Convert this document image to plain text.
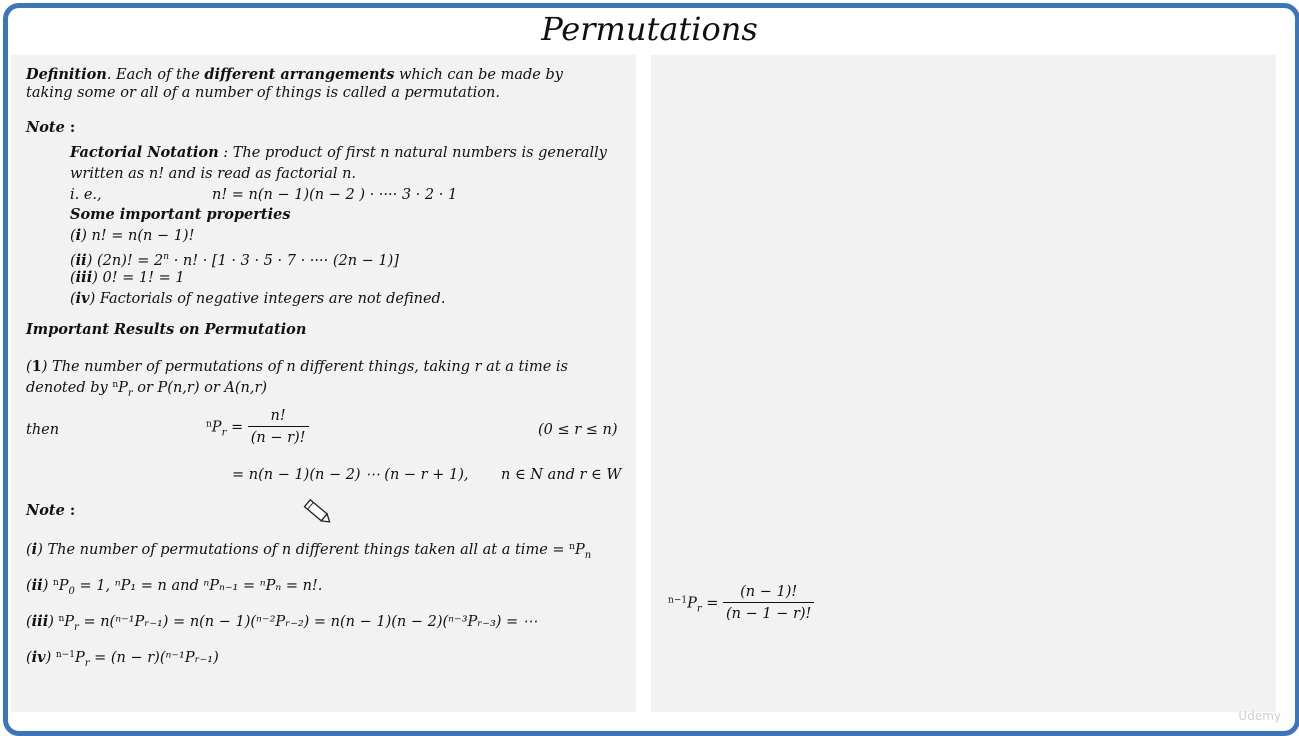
Permutations
Definition. Each of the different arrangements which can be made by
taking some or all of a number of things is called a permutation.
Note :
Factorial Notation : The product of first n natural numbers is generally
written as n! and is read as factorial n.
i. e.,	n! = n(n − 1)(n − 2 ) · ···· 3 · 2 · 1
Some important properties
(i) n! = n(n − 1)!
(ii) (2n)! = $2^n \cdot n$! · [1 · 3 · 5 · 7 · ···· (2n − 1)]
(iii) 0! = 1! = 1
(iv) Factorials of negative integers are not defined.
Important Results on Permutation
(1) The number of permutations of n different things, taking r at a time is
denoted by $^nP_r$ or P(n,r) or A(n,r)
then	$^nP_r = \frac{n!}{(n - r)!}$	(0 ≤ r ≤ n)
= n(n − 1)(n − 2) ⋯ (n − r + 1), n ∈ N and r ∈ W
Note :
(i) The number of permutations of n different things taken all at a time = $^nP_n$
(ii) $^nP_0 = 1$, ⁿP₁ = n and ⁿPₙ₋₁ = ⁿPₙ = n!.
(iii) $^nP_r$ = n(ⁿ⁻¹Pᵣ₋₁) = n(n − 1)(ⁿ⁻²Pᵣ₋₂) = n(n − 1)(n − 2)(ⁿ⁻³Pᵣ₋₃) = ⋯
(iv) $^{n-1}P_r = (n$ − r)(ⁿ⁻¹Pᵣ₋₁)
$^{n-1}P_r = \frac{(n - 1)!}{(n - 1 - r)!}$
Udemy
